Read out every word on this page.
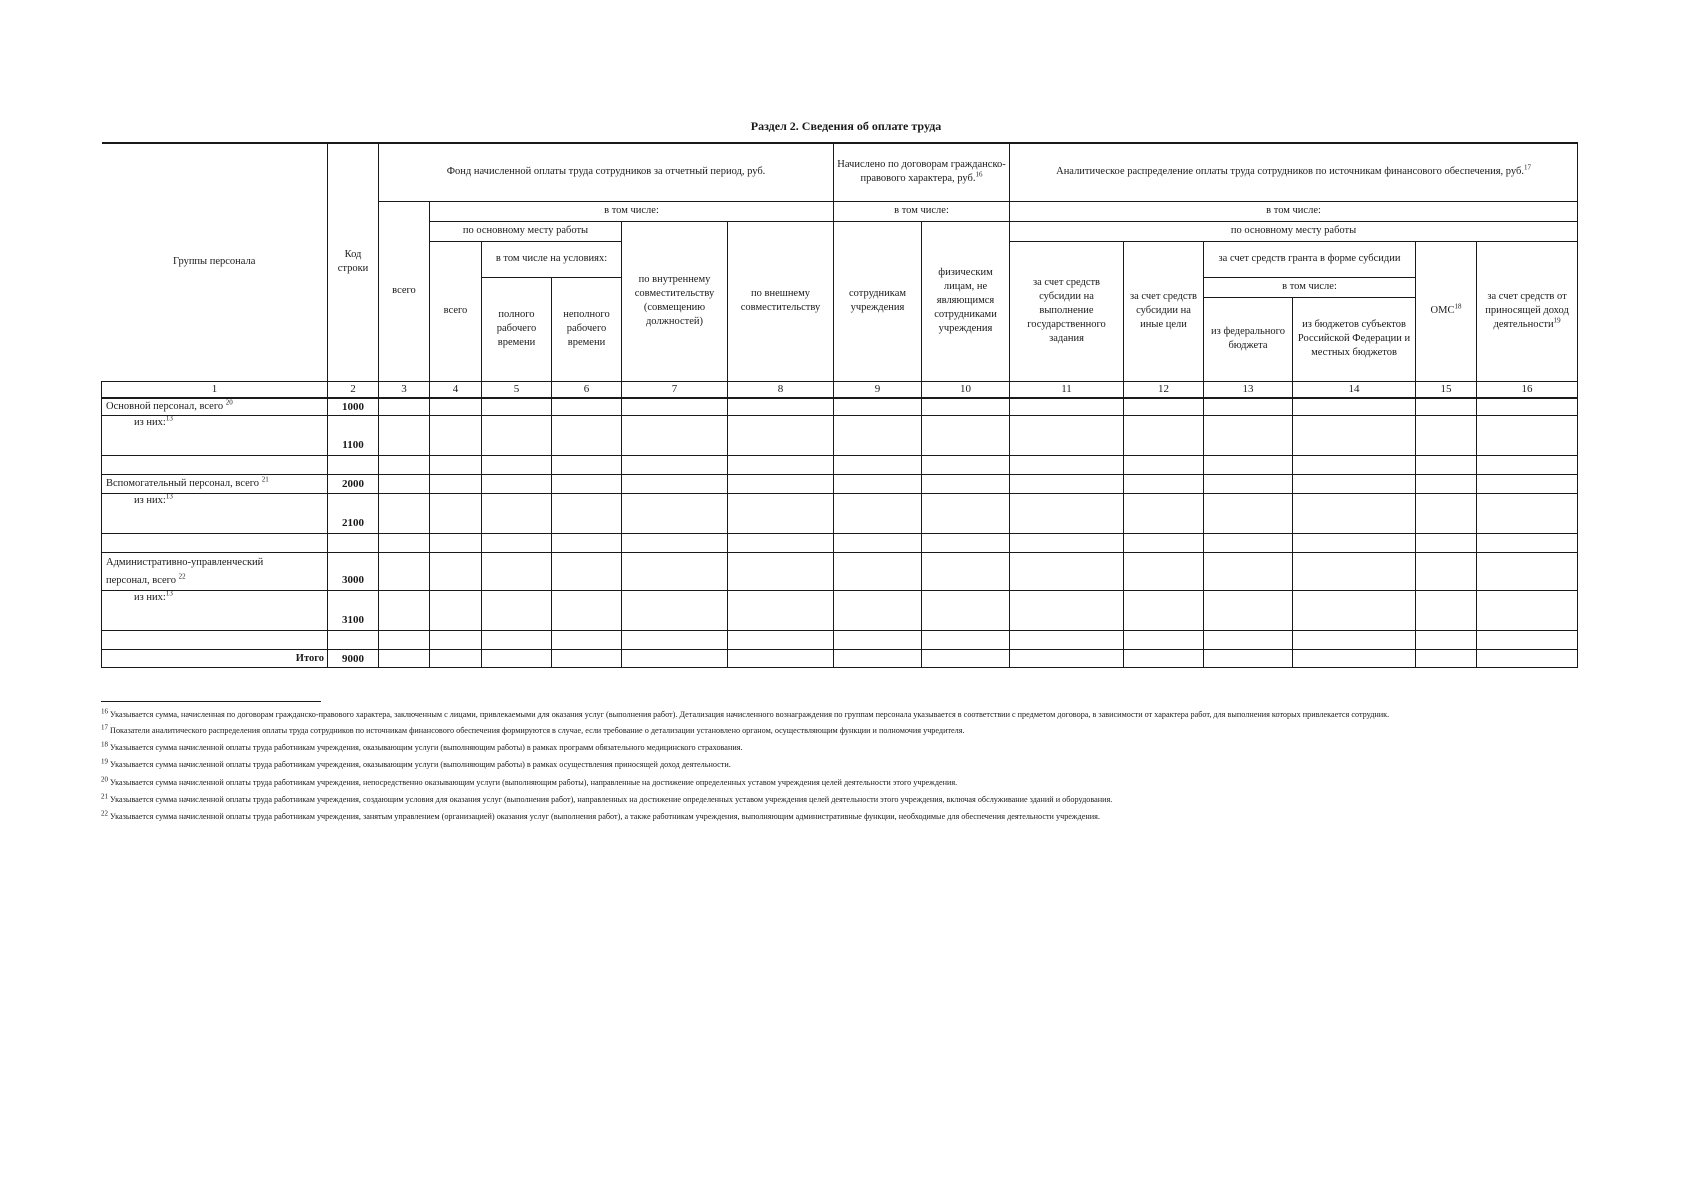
Раздел 2. Сведения об оплате труда
Группы персонала	Код строки	Фонд начисленной оплаты труда сотрудников за отчетный период, руб.						Начислено по договорам гражданско-правового характера, руб.$^{16}$		Аналитическое распределение оплаты труда сотрудников по источникам финансового обеспечения, руб.$^{17}$
		всего	в том числе:					в том числе:		в том числе:					
			по основному месту работы			по внутреннему совместительству (совмещению должностей)	по внешнему совместительству	сотрудникам учреждения	физическим лицам, не являющимся сотрудниками учреждения	по основному месту работы					
			всего	в том числе на условиях:						за счет средств субсидии на выполнение государственного задания	за счет средств субсидии на иные цели	за счет средств гранта в форме субсидии		ОМС$^{18}$	за счет средств от приносящей доход деятельности$^{19}$
				полного рабочего времени	неполного рабочего времени							в том числе:			
												из федерального бюджета	из бюджетов субъектов Российской Федерации и местных бюджетов		
1	2	3	4	5	6	7	8	9	10	11	12	13	14	15	16
Основной персонал, всего $^{20}$	1000														
из них:$^{13}$	1100														

Вспомогательный персонал, всего $^{21}$	2000														
из них:$^{13}$	2100														

Административно-управленческий
персонал, всего $^{22}$	3000														
из них:$^{13}$	3100														

Итого	9000														

$^{16}$ Указывается сумма, начисленная по договорам гражданско-правового характера, заключенным с лицами, привлекаемыми для оказания услуг (выполнения работ). Детализация начисленного вознаграждения по группам персонала указывается в соответствии с предметом договора, в зависимости от характера работ, для выполнения которых привлекается сотрудник.

$^{17}$ Показатели аналитического распределения оплаты труда сотрудников по источникам финансового обеспечения формируются в случае, если требование о детализации установлено органом, осуществляющим функции и полномочия учредителя.

$^{18}$ Указывается сумма начисленной оплаты труда работникам учреждения, оказывающим услуги (выполняющим работы) в рамках программ обязательного медицинского страхования.

$^{19}$ Указывается сумма начисленной оплаты труда работникам учреждения, оказывающим услуги (выполняющим работы) в рамках осуществления приносящей доход деятельности.

$^{20}$ Указывается сумма начисленной оплаты труда работникам учреждения, непосредственно оказывающим услуги (выполняющим работы), направленные на достижение определенных уставом учреждения целей деятельности этого учреждения.

$^{21}$ Указывается сумма начисленной оплаты труда работникам учреждения, создающим условия для оказания услуг (выполнения работ), направленных на достижение определенных уставом учреждения целей деятельности этого учреждения, включая обслуживание зданий и оборудования.

$^{22}$ Указывается сумма начисленной оплаты труда работникам учреждения, занятым управлением (организацией) оказания услуг (выполнения работ), а также работникам учреждения, выполняющим административные функции, необходимые для обеспечения деятельности учреждения.
